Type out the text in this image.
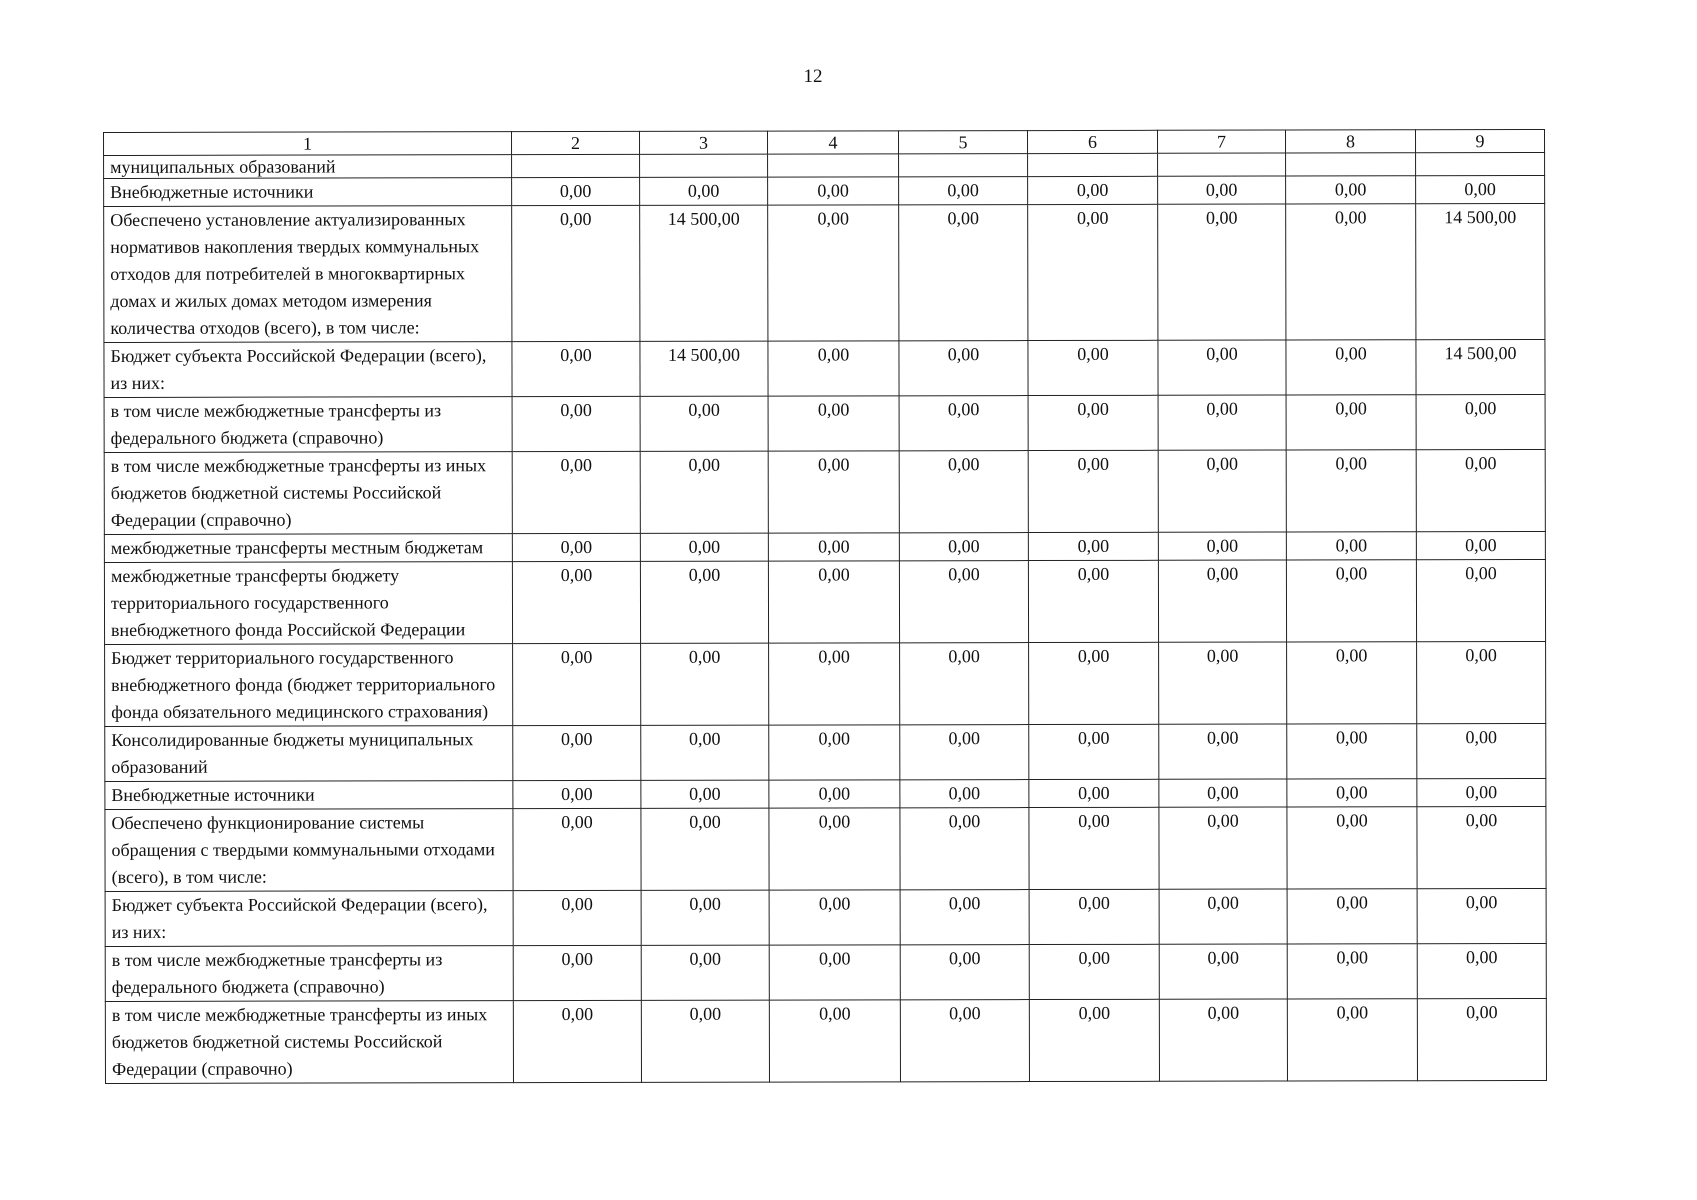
12
1	2	3	4	5	6	7	8	9
муниципальных образований								
Внебюджетные источники	0,00	0,00	0,00	0,00	0,00	0,00	0,00	0,00
Обеспечено установление актуализированных нормативов накопления твердых коммунальных отходов для потребителей в многоквартирных домах и жилых домах методом измерения количества отходов (всего), в том числе:	0,00	14 500,00	0,00	0,00	0,00	0,00	0,00	14 500,00
Бюджет субъекта Российской Федерации (всего), из них:	0,00	14 500,00	0,00	0,00	0,00	0,00	0,00	14 500,00
в том числе межбюджетные трансферты из федерального бюджета (справочно)	0,00	0,00	0,00	0,00	0,00	0,00	0,00	0,00
в том числе межбюджетные трансферты из иных бюджетов бюджетной системы Российской Федерации (справочно)	0,00	0,00	0,00	0,00	0,00	0,00	0,00	0,00
межбюджетные трансферты местным бюджетам	0,00	0,00	0,00	0,00	0,00	0,00	0,00	0,00
межбюджетные трансферты бюджету территориального государственного внебюджетного фонда Российской Федерации	0,00	0,00	0,00	0,00	0,00	0,00	0,00	0,00
Бюджет территориального государственного внебюджетного фонда (бюджет территориального фонда обязательного медицинского страхования)	0,00	0,00	0,00	0,00	0,00	0,00	0,00	0,00
Консолидированные бюджеты муниципальных образований	0,00	0,00	0,00	0,00	0,00	0,00	0,00	0,00
Внебюджетные источники	0,00	0,00	0,00	0,00	0,00	0,00	0,00	0,00
Обеспечено функционирование системы обращения с твердыми коммунальными отходами (всего), в том числе:	0,00	0,00	0,00	0,00	0,00	0,00	0,00	0,00
Бюджет субъекта Российской Федерации (всего), из них:	0,00	0,00	0,00	0,00	0,00	0,00	0,00	0,00
в том числе межбюджетные трансферты из федерального бюджета (справочно)	0,00	0,00	0,00	0,00	0,00	0,00	0,00	0,00
в том числе межбюджетные трансферты из иных бюджетов бюджетной системы Российской Федерации (справочно)	0,00	0,00	0,00	0,00	0,00	0,00	0,00	0,00
